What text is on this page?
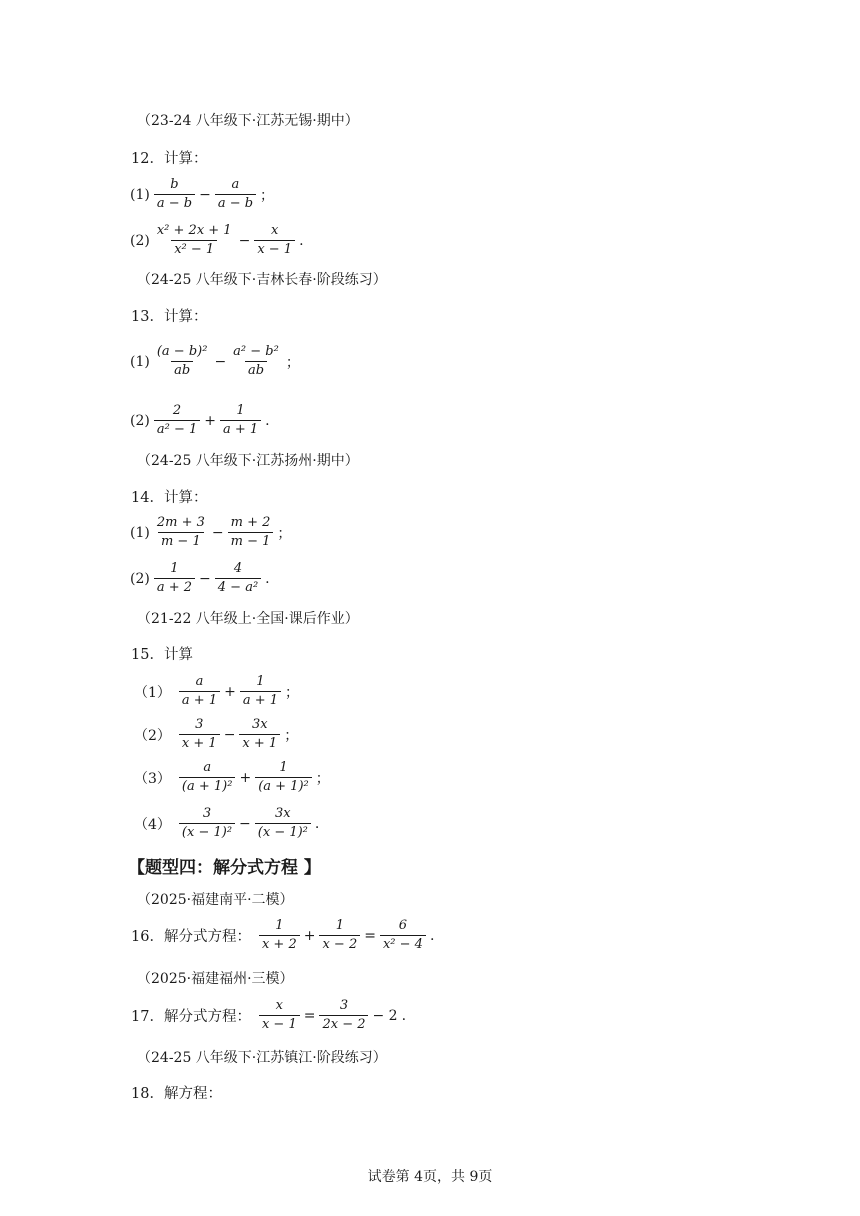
（23-24 八年级下·江苏无锡·期中）
12．计算：
$(1) \frac{b}{a - b} - \frac{a}{a - b}$ ；
$(2) \frac{\text{x² + 2x + 1}}{\text{x² − 1}} - \frac{x}{x - 1}$ .
（24-25 八年级下·吉林长春·阶段练习）
13．计算：
$(1) \frac{\text{(a − b)²}}{ab} - \frac{\text{a² − b²}}{ab}$ ；
$(2) \frac{2}{\text{a² − 1}} + \frac{1}{a + 1}$ .
（24-25 八年级下·江苏扬州·期中）
14．计算：
$(1) \frac{2m + 3}{m - 1} - \frac{m + 2}{m - 1}$ ；
$(2) \frac{1}{a + 2} - \frac{4}{\text{4 − a²}}$ .
（21-22 八年级上·全国·课后作业）
15．计算
$(1) \frac{a}{a + 1} + \frac{1}{a + 1}$ ；
$(2) \frac{3}{x + 1} - \frac{3x}{x + 1}$ ；
$(3) \frac{a}{\text{(a + 1)²}} + \frac{1}{\text{(a + 1)²}}$ ；
$(4) \frac{3}{\text{(x − 1)²}} - \frac{3x}{\text{(x − 1)²}}$ .
【题型四：解分式方程 】
（2025·福建南平·二模）
16．解分式方程： $\frac{1}{x + 2} + \frac{1}{x - 2} = \frac{6}{\text{x² − 4}}$ .
（2025·福建福州·三模）
17．解分式方程： $\frac{x}{x - 1} = \frac{3}{2x - 2} - 2$ .
（24-25 八年级下·江苏镇江·阶段练习）
18．解方程：
试卷第 4页，共 9页
